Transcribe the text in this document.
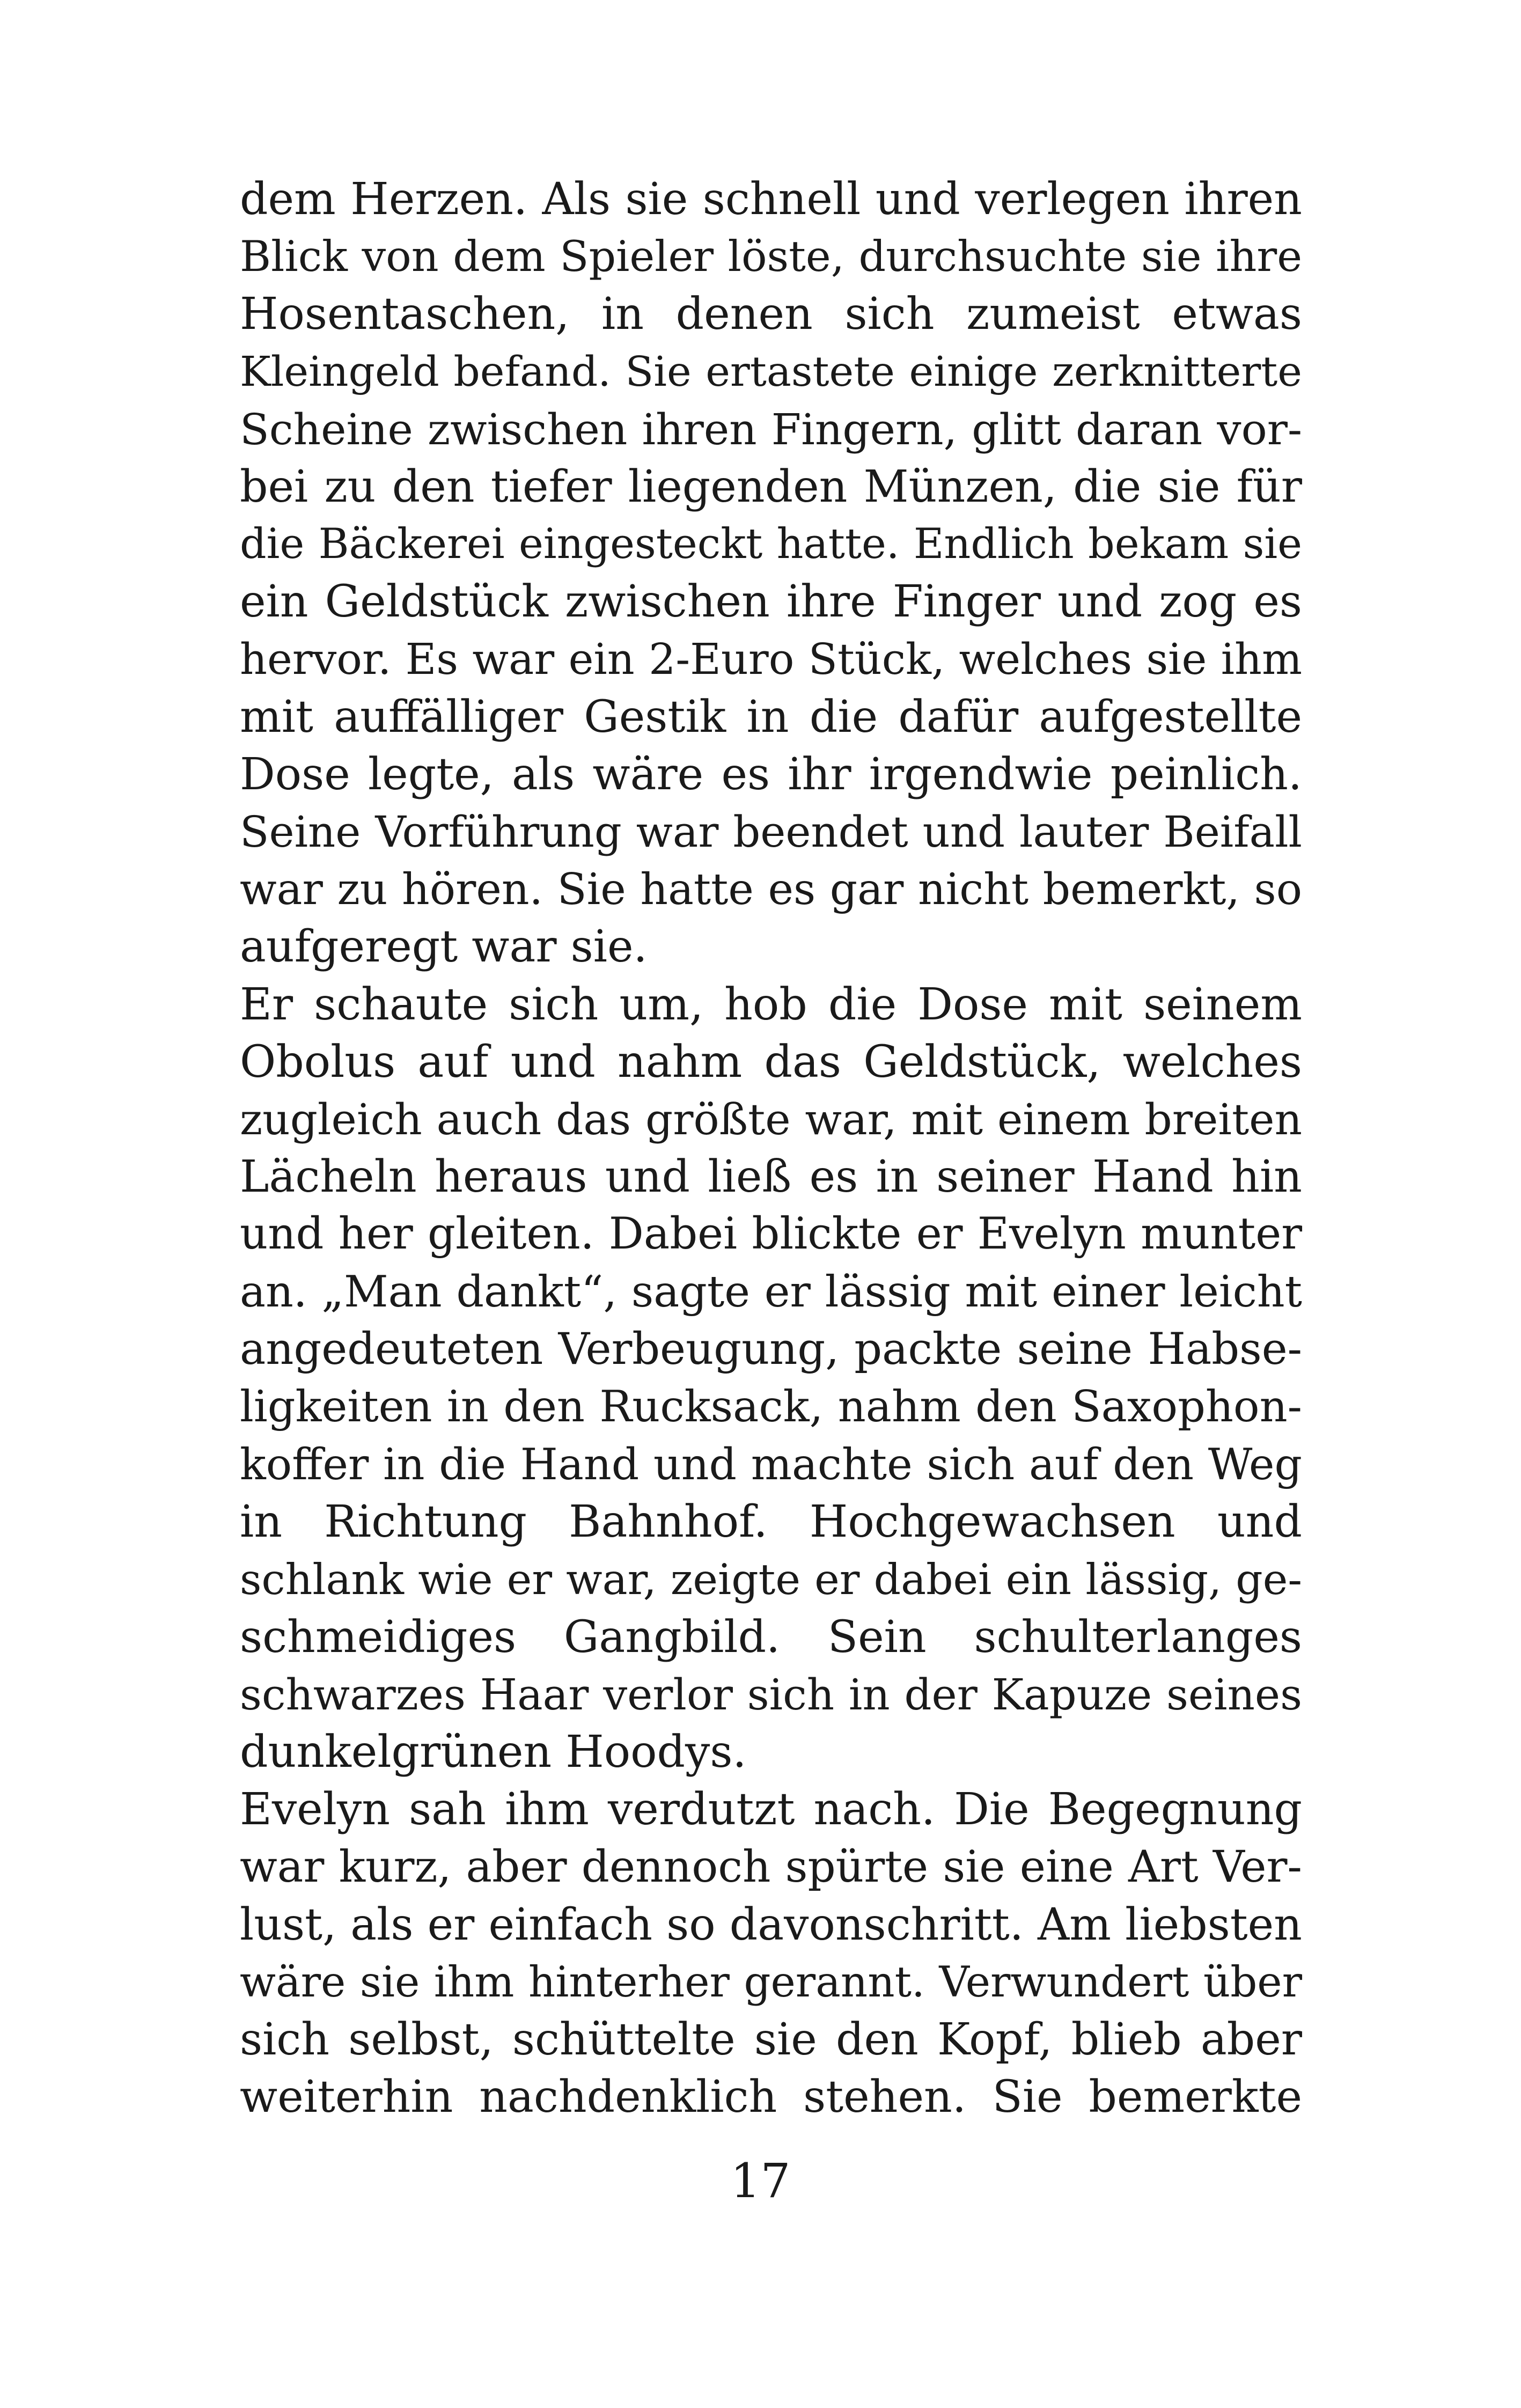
dem Herzen. Als sie schnell und verlegen ihren
Blick von dem Spieler löste, durchsuchte sie ihre
Hosentaschen, in denen sich zumeist etwas
Kleingeld befand. Sie ertastete einige zerknitterte
Scheine zwischen ihren Fingern, glitt daran vor-
bei zu den tiefer liegenden Münzen, die sie für
die Bäckerei eingesteckt hatte. Endlich bekam sie
ein Geldstück zwischen ihre Finger und zog es
hervor. Es war ein 2-Euro Stück, welches sie ihm
mit auffälliger Gestik in die dafür aufgestellte
Dose legte, als wäre es ihr irgendwie peinlich.
Seine Vorführung war beendet und lauter Beifall
war zu hören. Sie hatte es gar nicht bemerkt, so
aufgeregt war sie.
Er schaute sich um, hob die Dose mit seinem
Obolus auf und nahm das Geldstück, welches
zugleich auch das größte war, mit einem breiten
Lächeln heraus und ließ es in seiner Hand hin
und her gleiten. Dabei blickte er Evelyn munter
an. „Man dankt“, sagte er lässig mit einer leicht
angedeuteten Verbeugung, packte seine Habse-
ligkeiten in den Rucksack, nahm den Saxophon-
koffer in die Hand und machte sich auf den Weg
in Richtung Bahnhof. Hochgewachsen und
schlank wie er war, zeigte er dabei ein lässig, ge-
schmeidiges Gangbild. Sein schulterlanges
schwarzes Haar verlor sich in der Kapuze seines
dunkelgrünen Hoodys.
Evelyn sah ihm verdutzt nach. Die Begegnung
war kurz, aber dennoch spürte sie eine Art Ver-
lust, als er einfach so davonschritt. Am liebsten
wäre sie ihm hinterher gerannt. Verwundert über
sich selbst, schüttelte sie den Kopf, blieb aber
weiterhin nachdenklich stehen. Sie bemerkte
17
